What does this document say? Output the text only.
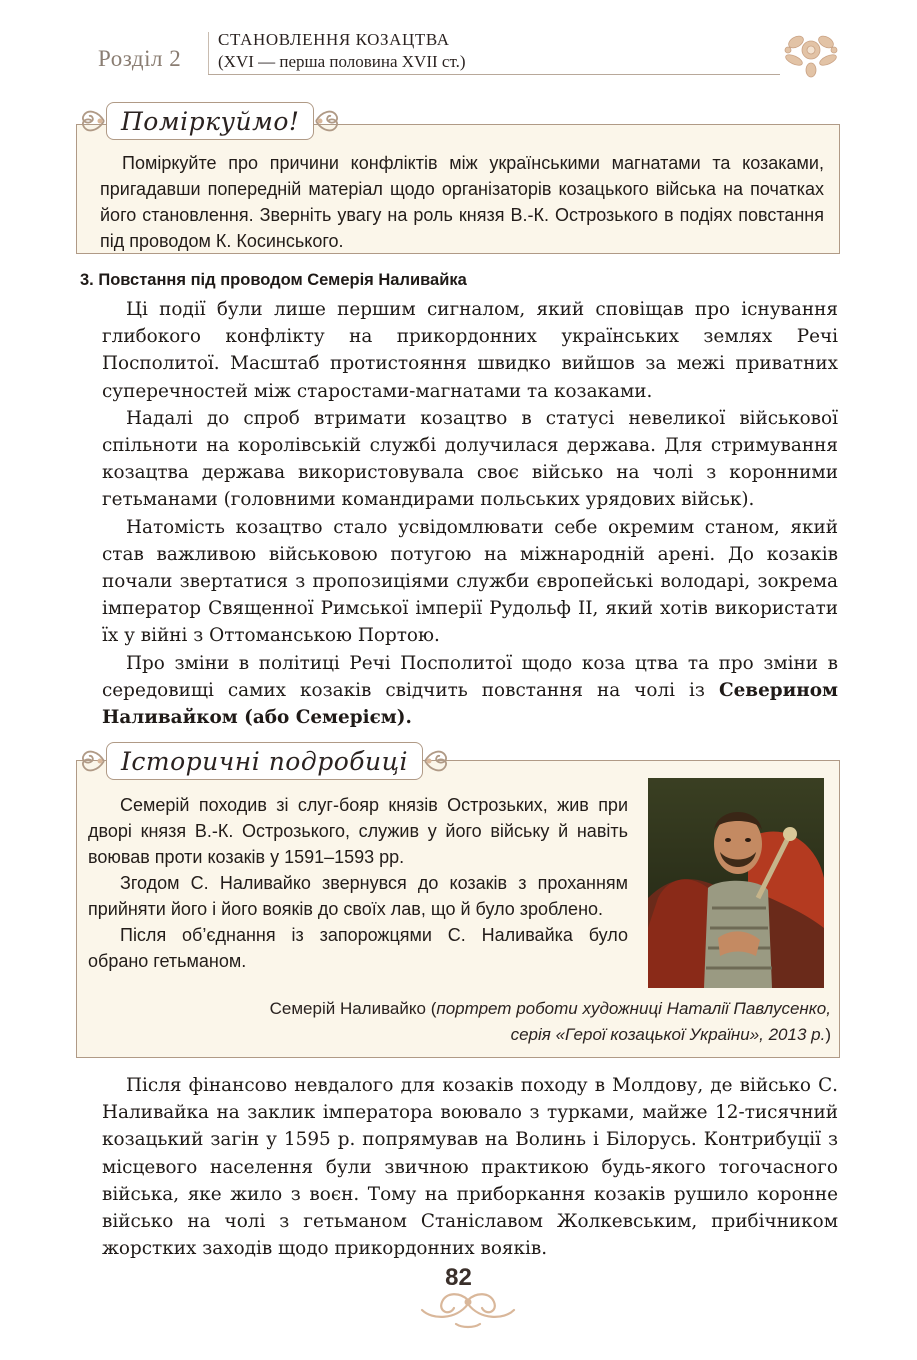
Розділ 2
СТАНОВЛЕННЯ КОЗАЦТВА
(XVI — перша половина XVII ст.)
Поміркуймо!

Поміркуйте про причини конфліктів між українськими магнатами та козаками, пригадавши попередній матеріал щодо організаторів козацького війська на початках його становлення. Зверніть увагу на роль князя В.-К. Острозького в подіях повстання під проводом К. Косинського.

3. Повстання під проводом Семерія Наливайка

Ці події були лише першим сигналом, який сповіщав про існування глибокого конфлікту на прикордонних українських землях Речі Посполитої. Масштаб протистояння швидко вийшов за межі приватних суперечностей між старостами-магнатами та козаками.

Надалі до спроб втримати козацтво в статусі невеликої військової спільноти на королівській службі долучилася держава. Для стримування козацтва держава використовувала своє військо на чолі з коронними гетьманами (головними командирами польських урядових військ).

Натомість козацтво стало усвідомлювати себе окремим станом, який став важливою військовою потугою на міжнародній арені. До козаків почали звертатися з пропозиціями служби європейські володарі, зокрема імператор Священної Римської імперії Рудольф II, який хотів використати їх у війні з Оттоманською Портою.

Про зміни в політиці Речі Посполитої щодо коза цтва та про зміни в середовищі самих козаків свідчить повстання на чолі із Северином Наливайком (або Семерієм).

Історичні подробиці

Семерій походив зі слуг-бояр князів Острозьких, жив при дворі князя В.-К. Острозького, служив у його війську й навіть воював проти козаків у 1591–1593 рр.

Згодом С. Наливайко звернувся до козаків з проханням прийняти його і його вояків до своїх лав, що й було зроблено.

Після об’єднання із запорожцями С. Наливайка було обрано гетьманом.

Семерій Наливайко (портрет роботи художниці Наталії Павлусенко,
серія «Герої козацької України», 2013 р.)

Після фінансово невдалого для козаків походу в Молдову, де військо С. Наливайка на заклик імператора воювало з турками, майже 12-тисячний козацький загін у 1595 р. попрямував на Волинь і Білорусь. Контрибуції з місцевого населення були звичною практикою будь-якого тогочасного війська, яке жило з воєн. Тому на приборкання козаків рушило коронне військо на чолі з гетьманом Станіславом Жолкевським, прибічником жорстких заходів щодо прикордонних вояків.

82
